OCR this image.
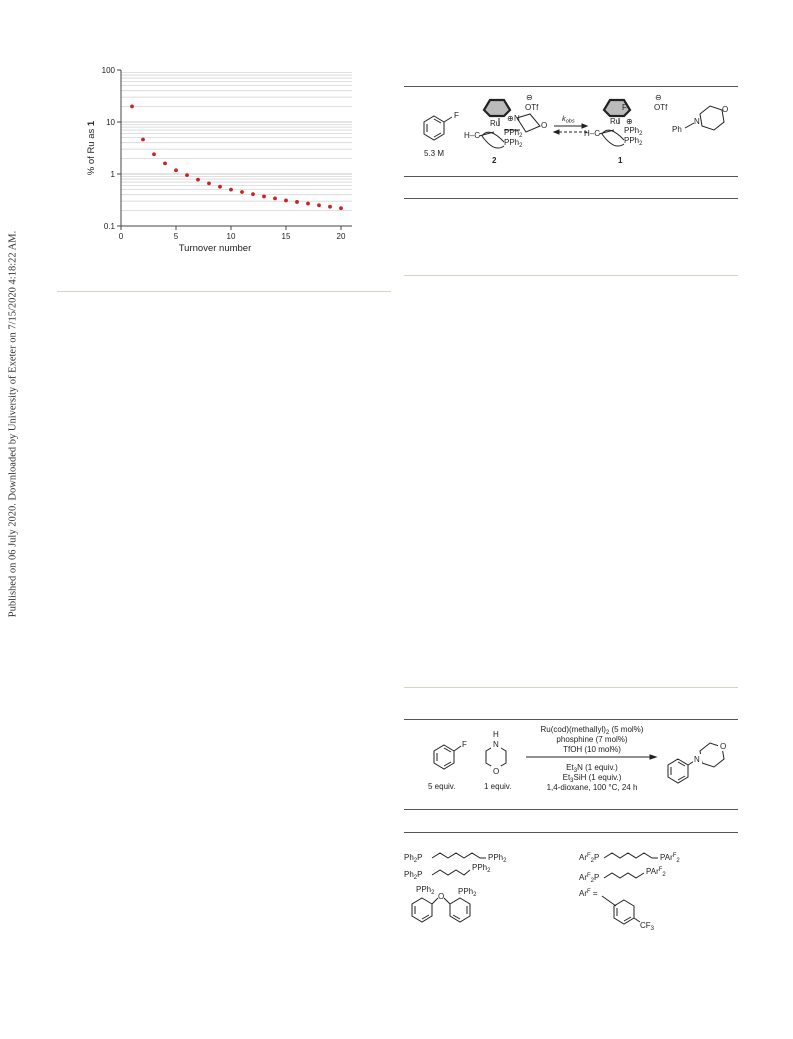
Published on 06 July 2020. Downloaded by University of Exeter on 7/15/2020 4:18:22 AM.
0.1
1
10
100
0	5	10	15	20
Turnover number
% of Ru as 1
F
5.3 M
Ru
⊕
⊖
OTf
N
O
H–C	PPh$_2$
PPh$_2$
2
$k_{obs}$
F
Ru ⊕
⊖
OTf
H–C	PPh$_2$
PPh$_2$
1
Ph
N
O
F
5 equiv.
H
N
O
1 equiv.
$Ru(cod)(methallyl)_2$ (5 mol%)
phosphine (7 mol%)
TfOH (10 mol%)
$Et_3N$ (1 equiv.)
$Et_3SiH$ (1 equiv.)
1,4-dioxane, 100 °C, 24 h
N
O
$Ph_2P$	PPh$_2$
$Ph_2P$
PPh$_2$
PPh$_2$	PPh$_2$
O
$Ar^F_2P$	PAr$^F_2$
$Ar^F_2P$
PAr$^F_2$
$Ar^F$ =
$CF_3$
